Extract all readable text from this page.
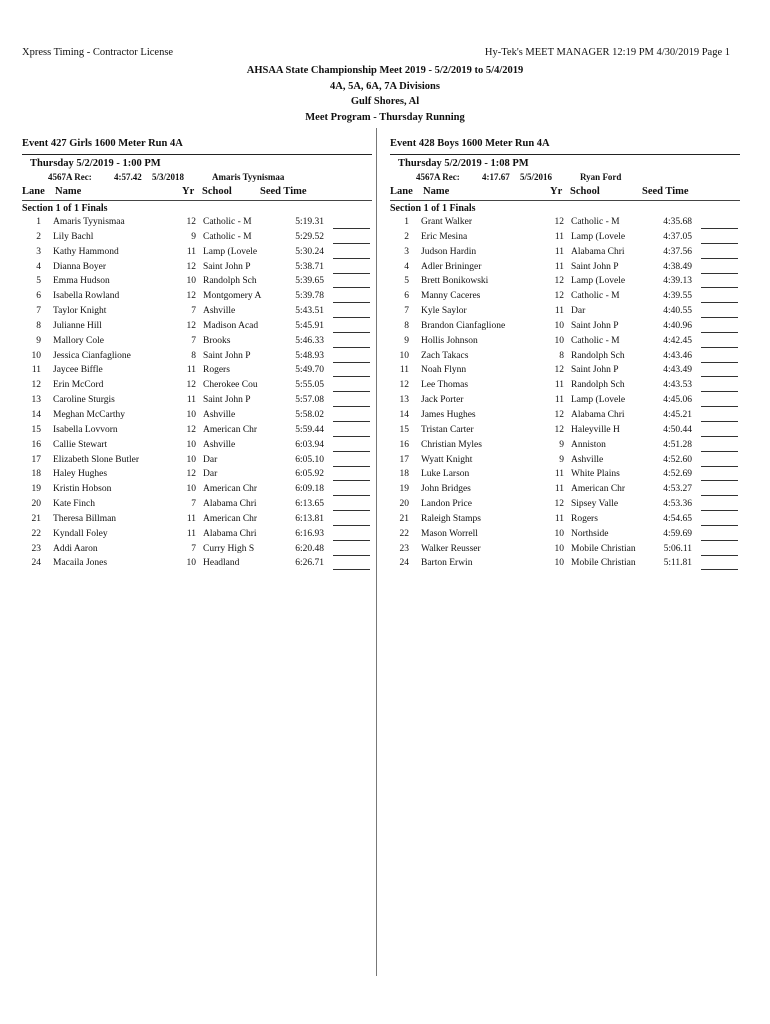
Xpress Timing - Contractor License	Hy-Tek's MEET MANAGER 12:19 PM 4/30/2019 Page 1
AHSAA State Championship Meet 2019 - 5/2/2019 to 5/4/2019
4A, 5A, 6A, 7A Divisions
Gulf Shores, Al
Meet Program - Thursday Running
Event 427 Girls 1600 Meter Run 4A
Thursday 5/2/2019 - 1:00 PM
4567A Rec: 4:57.42 5/3/2018	Amaris Tyynismaa
Lane Name	Yr School	Seed Time
Section 1 of 1 Finals
1 Amaris Tyynismaa	12 Catholic - M	5:19.31
2 Lily Bachl	9 Catholic - M	5:29.52
3 Kathy Hammond	11 Lamp (Lovele	5:30.24
4 Dianna Boyer	12 Saint John P	5:38.71
5 Emma Hudson	10 Randolph Sch	5:39.65
6 Isabella Rowland	12 Montgomery A	5:39.78
7 Taylor Knight	7 Ashville	5:43.51
8 Julianne Hill	12 Madison Acad	5:45.91
9 Mallory Cole	7 Brooks	5:46.33
10 Jessica Cianfaglione	8 Saint John P	5:48.93
11 Jaycee Biffle	11 Rogers	5:49.70
12 Erin McCord	12 Cherokee Cou	5:55.05
13 Caroline Sturgis	11 Saint John P	5:57.08
14 Meghan McCarthy	10 Ashville	5:58.02
15 Isabella Lovvorn	12 American Chr	5:59.44
16 Callie Stewart	10 Ashville	6:03.94
17 Elizabeth Slone Butler	10 Dar	6:05.10
18 Haley Hughes	12 Dar	6:05.92
19 Kristin Hobson	10 American Chr	6:09.18
20 Kate Finch	7 Alabama Chri	6:13.65
21 Theresa Billman	11 American Chr	6:13.81
22 Kyndall Foley	11 Alabama Chri	6:16.93
23 Addi Aaron	7 Curry High S	6:20.48
24 Macaila Jones	10 Headland	6:26.71
Event 428 Boys 1600 Meter Run 4A
Thursday 5/2/2019 - 1:08 PM
4567A Rec: 4:17.67 5/5/2016	Ryan Ford
Lane Name	Yr School	Seed Time
Section 1 of 1 Finals
1 Grant Walker	12 Catholic - M	4:35.68
2 Eric Mesina	11 Lamp (Lovele	4:37.05
3 Judson Hardin	11 Alabama Chri	4:37.56
4 Adler Brininger	11 Saint John P	4:38.49
5 Brett Bonikowski	12 Lamp (Lovele	4:39.13
6 Manny Caceres	12 Catholic - M	4:39.55
7 Kyle Saylor	11 Dar	4:40.55
8 Brandon Cianfaglione	10 Saint John P	4:40.96
9 Hollis Johnson	10 Catholic - M	4:42.45
10 Zach Takacs	8 Randolph Sch	4:43.46
11 Noah Flynn	12 Saint John P	4:43.49
12 Lee Thomas	11 Randolph Sch	4:43.53
13 Jack Porter	11 Lamp (Lovele	4:45.06
14 James Hughes	12 Alabama Chri	4:45.21
15 Tristan Carter	12 Haleyville H	4:50.44
16 Christian Myles	9 Anniston	4:51.28
17 Wyatt Knight	9 Ashville	4:52.60
18 Luke Larson	11 White Plains	4:52.69
19 John Bridges	11 American Chr	4:53.27
20 Landon Price	12 Sipsey Valle	4:53.36
21 Raleigh Stamps	11 Rogers	4:54.65
22 Mason Worrell	10 Northside	4:59.69
23 Walker Reusser	10 Mobile Christian	5:06.11
24 Barton Erwin	10 Mobile Christian	5:11.81
